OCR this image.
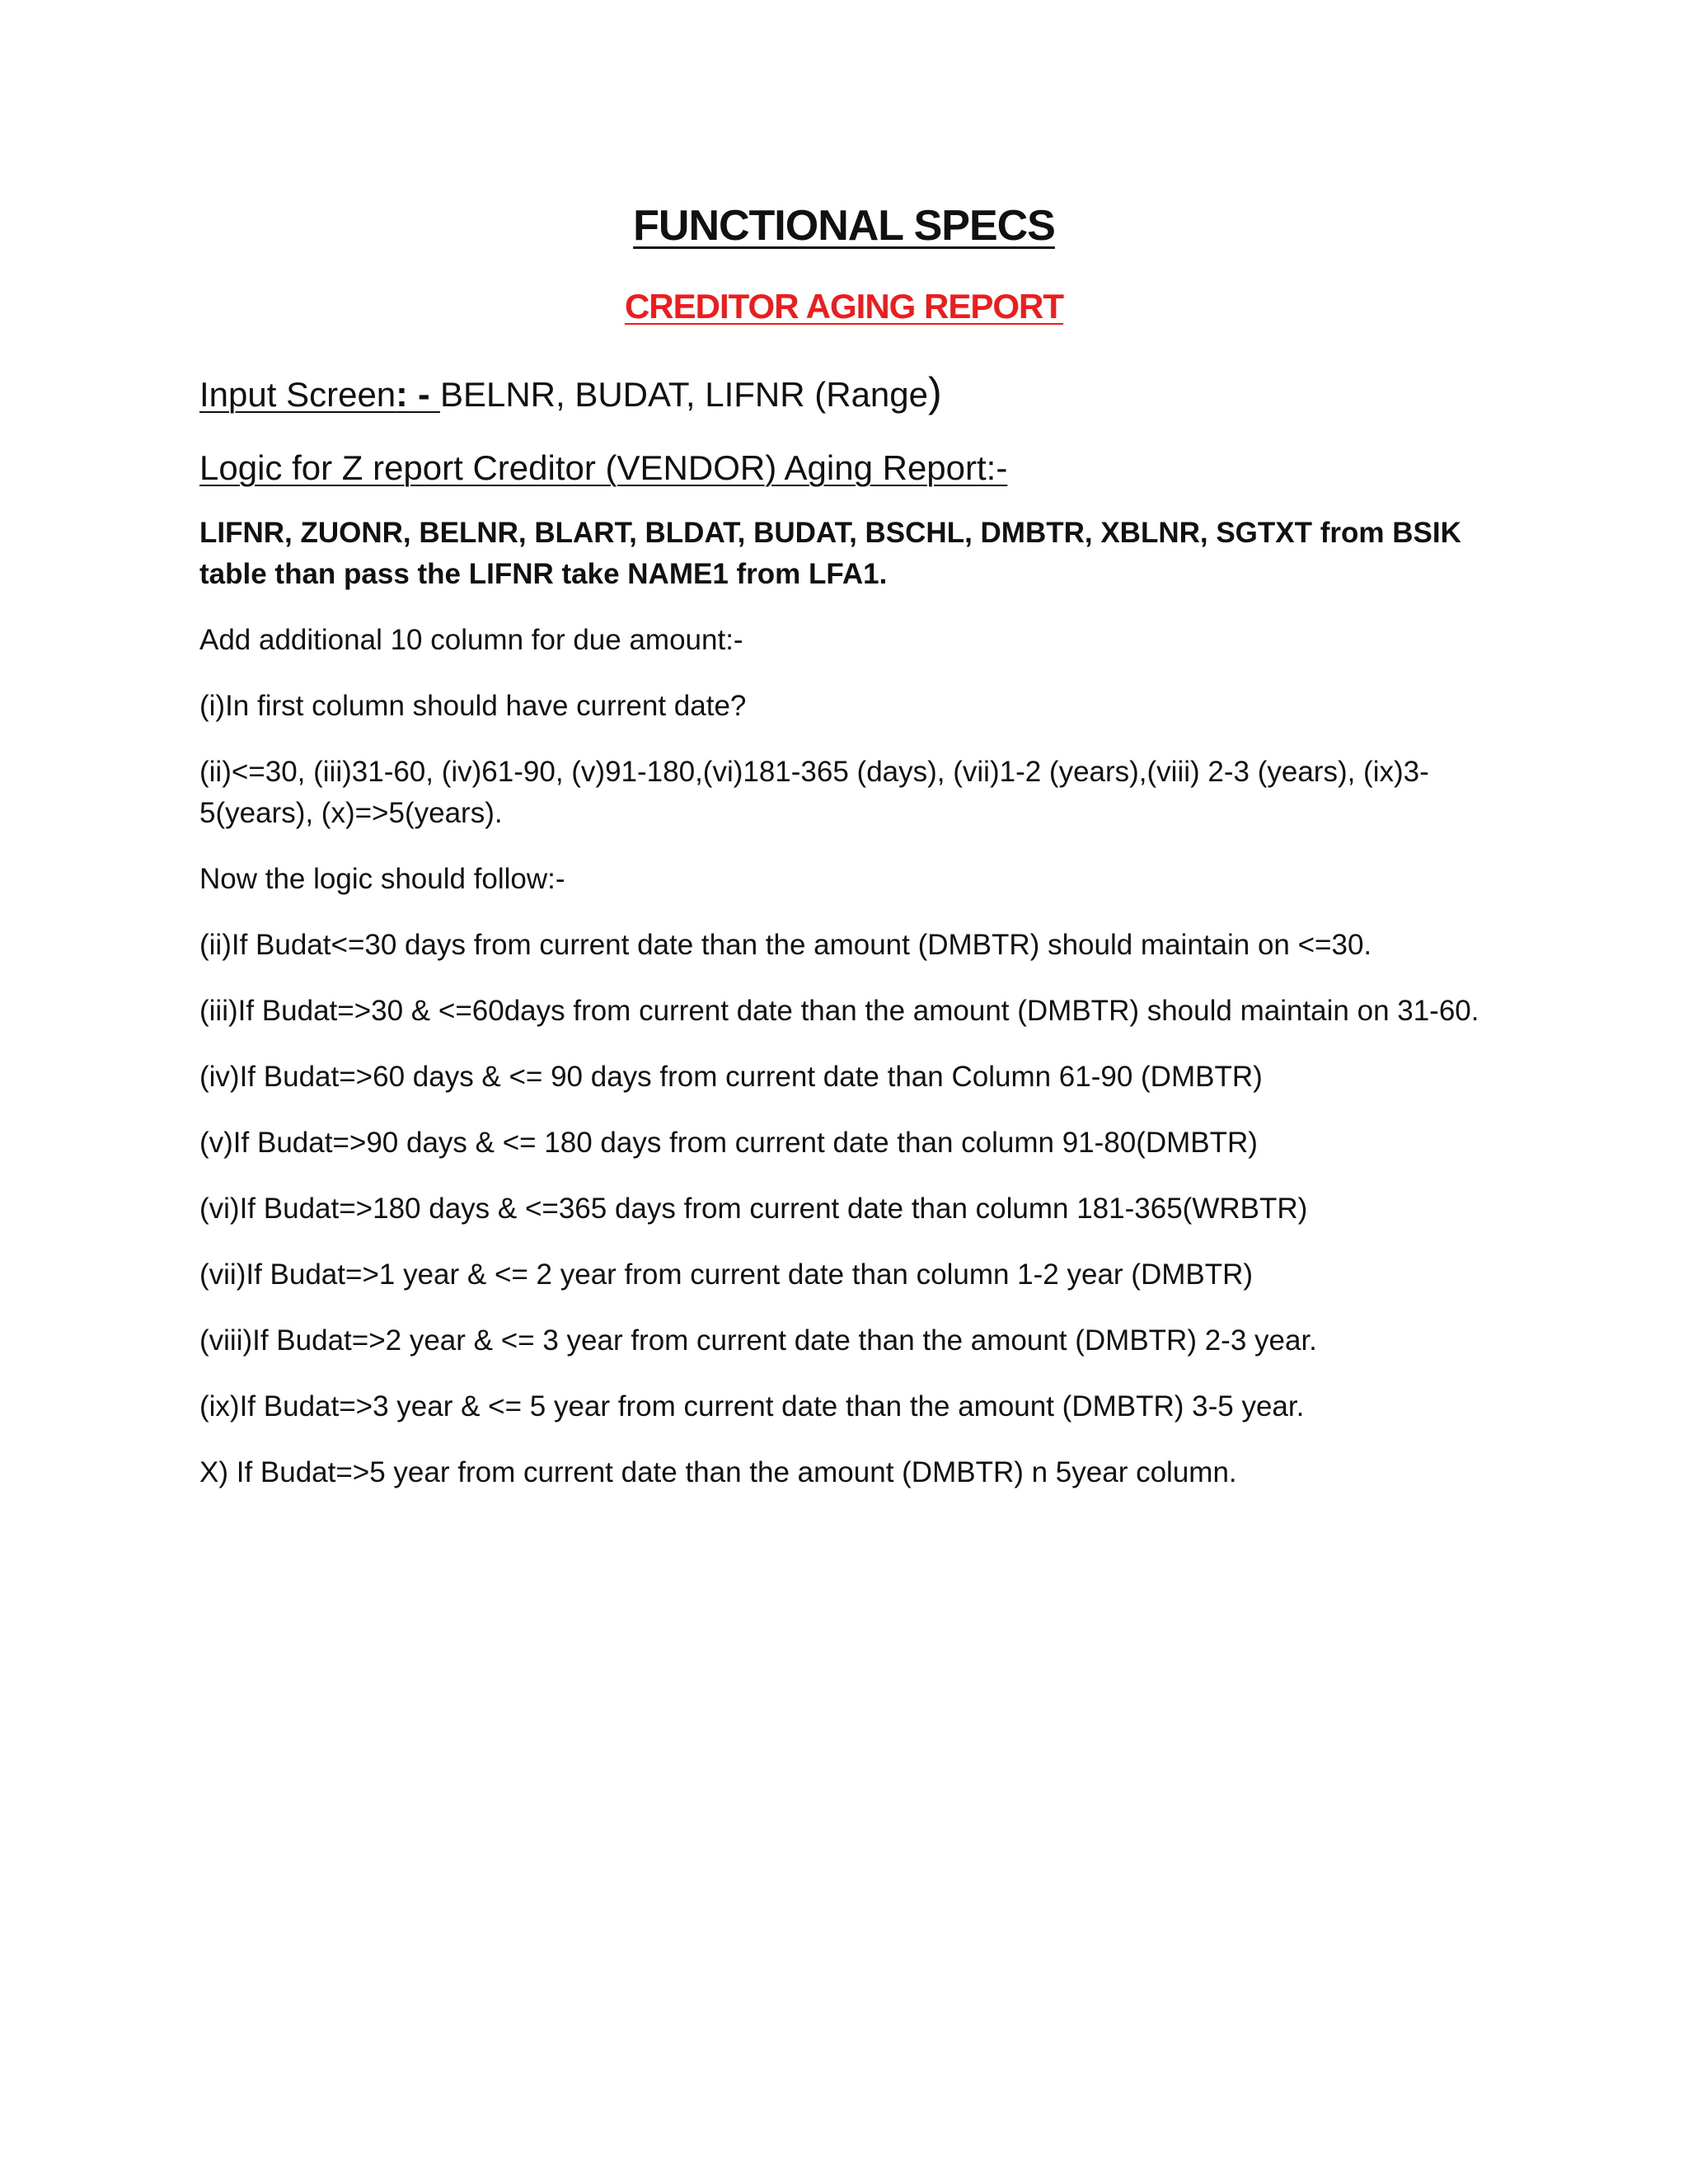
FUNCTIONAL SPECS
CREDITOR AGING REPORT
Input Screen: - BELNR, BUDAT, LIFNR (Range)
Logic for Z report Creditor (VENDOR) Aging Report:-
LIFNR, ZUONR, BELNR, BLART, BLDAT, BUDAT, BSCHL, DMBTR, XBLNR, SGTXT from BSIK table than pass the LIFNR take NAME1 from LFA1.
Add additional 10 column for due amount:-
(i)In first column should have current date?
(ii)<=30, (iii)31-60, (iv)61-90, (v)91-180,(vi)181-365 (days), (vii)1-2 (years),(viii) 2-3 (years), (ix)3-5(years), (x)=>5(years).
Now the logic should follow:-
(ii)If Budat<=30 days from current date than the amount (DMBTR) should maintain on <=30.
(iii)If Budat=>30 & <=60days from current date than the amount (DMBTR) should maintain on 31-60.
(iv)If Budat=>60 days & <= 90 days from current date than Column 61-90 (DMBTR)
(v)If Budat=>90 days & <= 180 days from current date than column 91-80(DMBTR)
(vi)If Budat=>180 days & <=365 days from current date than column 181-365(WRBTR)
(vii)If Budat=>1 year & <= 2 year from current date than column 1-2 year (DMBTR)
(viii)If Budat=>2 year & <= 3 year from current date than the amount (DMBTR) 2-3 year.
(ix)If Budat=>3 year & <= 5 year from current date than the amount (DMBTR) 3-5 year.
X) If Budat=>5 year from current date than the amount (DMBTR) n 5year column.
